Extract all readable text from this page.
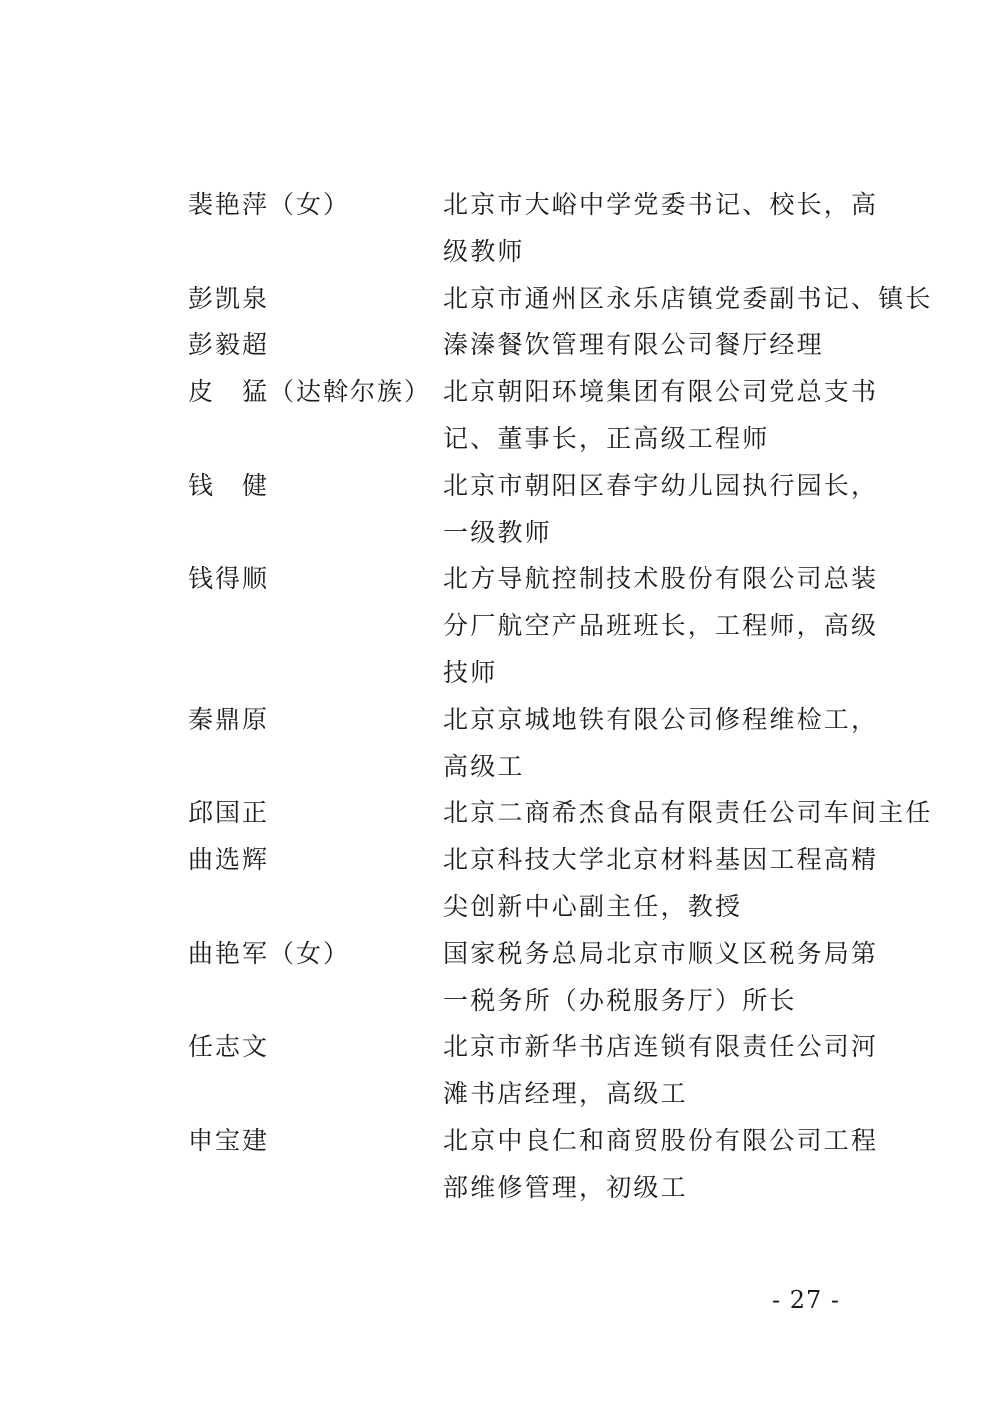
裴艳萍（女）	北京市大峪中学党委书记、校长，高
级教师
彭凯泉	北京市通州区永乐店镇党委副书记、镇长
彭毅超	溱溱餐饮管理有限公司餐厅经理
皮　猛（达斡尔族） 北京朝阳环境集团有限公司党总支书
记、董事长，正高级工程师
钱　健	北京市朝阳区春宇幼儿园执行园长，
一级教师
钱得顺	北方导航控制技术股份有限公司总装
分厂航空产品班班长，工程师，高级
技师
秦鼎原	北京京城地铁有限公司修程维检工，
高级工
邱国正	北京二商希杰食品有限责任公司车间主任
曲选辉	北京科技大学北京材料基因工程高精
尖创新中心副主任，教授
曲艳军（女）	国家税务总局北京市顺义区税务局第
一税务所（办税服务厅）所长
任志文	北京市新华书店连锁有限责任公司河
滩书店经理，高级工
申宝建	北京中良仁和商贸股份有限公司工程
部维修管理，初级工
- 27 -
